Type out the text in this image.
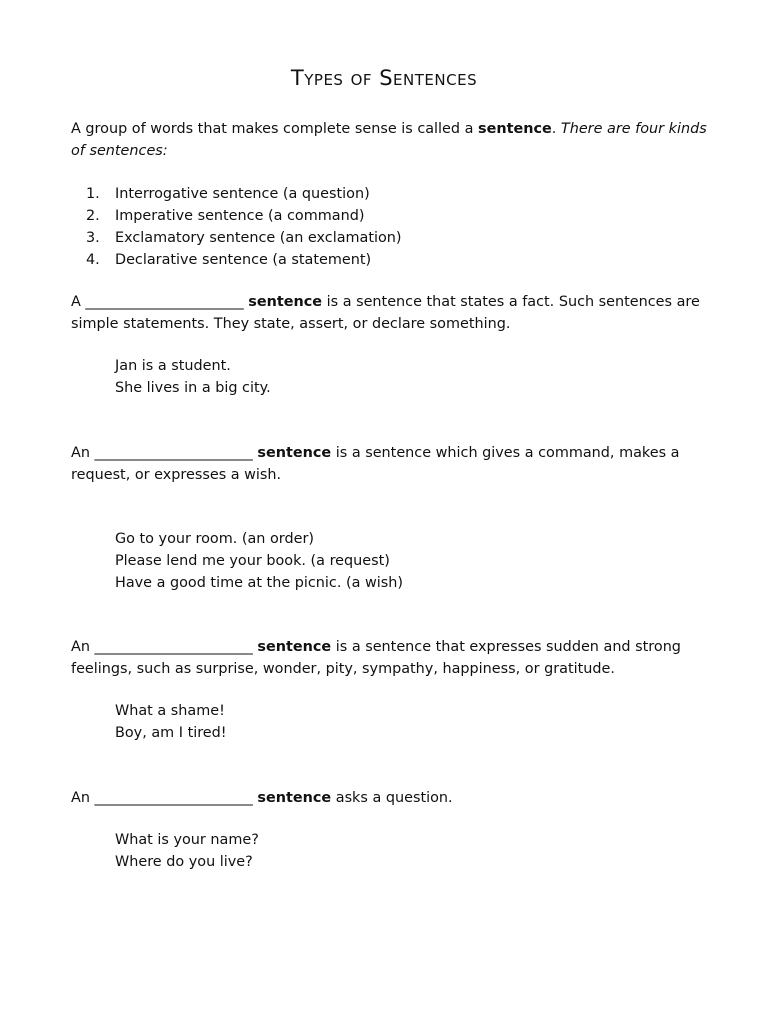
Types of Sentences
A group of words that makes complete sense is called a sentence. There are four kinds of sentences:
1. Interrogative sentence (a question)
2. Imperative sentence (a command)
3. Exclamatory sentence (an exclamation)
4. Declarative sentence (a statement)
A ______________________ sentence is a sentence that states a fact. Such sentences are simple statements. They state, assert, or declare something.
Jan is a student.
She lives in a big city.
An ______________________ sentence is a sentence which gives a command, makes a request, or expresses a wish.
Go to your room. (an order)
Please lend me your book. (a request)
Have a good time at the picnic. (a wish)
An ______________________ sentence is a sentence that expresses sudden and strong feelings, such as surprise, wonder, pity, sympathy, happiness, or gratitude.
What a shame!
Boy, am I tired!
An ______________________ sentence asks a question.
What is your name?
Where do you live?
